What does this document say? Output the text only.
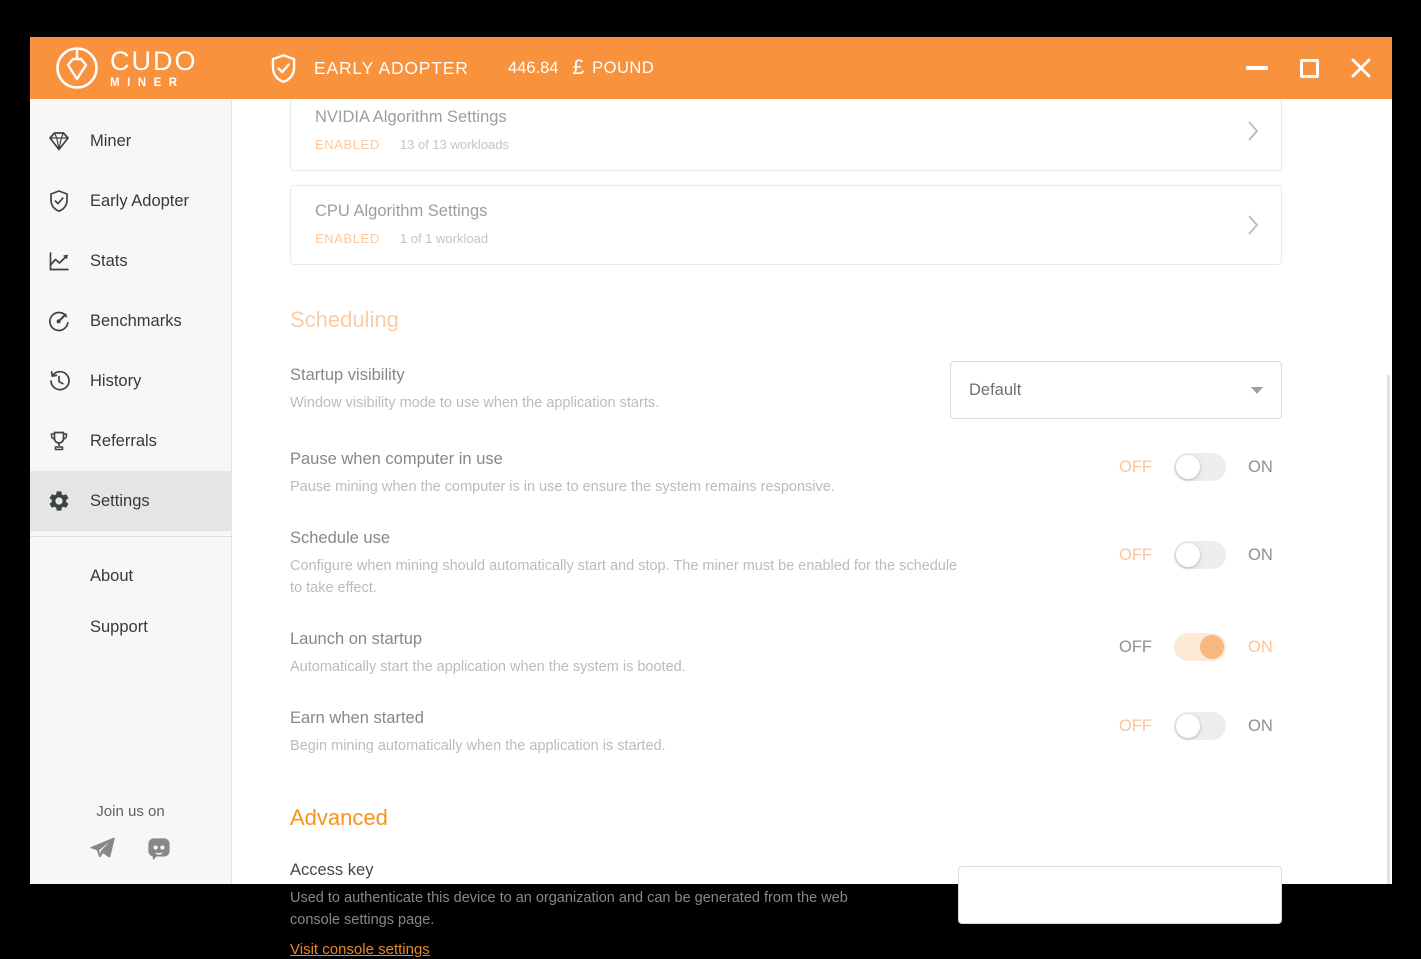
CUDO
MINER
EARLY ADOPTER 446.84 £ POUND
Miner
Early Adopter
Stats
Benchmarks
History
Referrals
Settings
About
Support
Join us on
NVIDIA Algorithm Settings
ENABLED 13 of 13 workloads
CPU Algorithm Settings
ENABLED 1 of 1 workload
Scheduling
Startup visibility
Window visibility mode to use when the application starts.
Default
Pause when computer in use
Pause mining when the computer is in use to ensure the system remains responsive.
OFF	ON
Schedule use
Configure when mining should automatically start and stop. The miner must be enabled for the schedule to take effect.
OFF	ON
Launch on startup
Automatically start the application when the system is booted.
OFF	ON
Earn when started
Begin mining automatically when the application is started.
OFF	ON
Advanced
Access key
Used to authenticate this device to an organization and can be generated from the web console settings page.
Visit console settings
